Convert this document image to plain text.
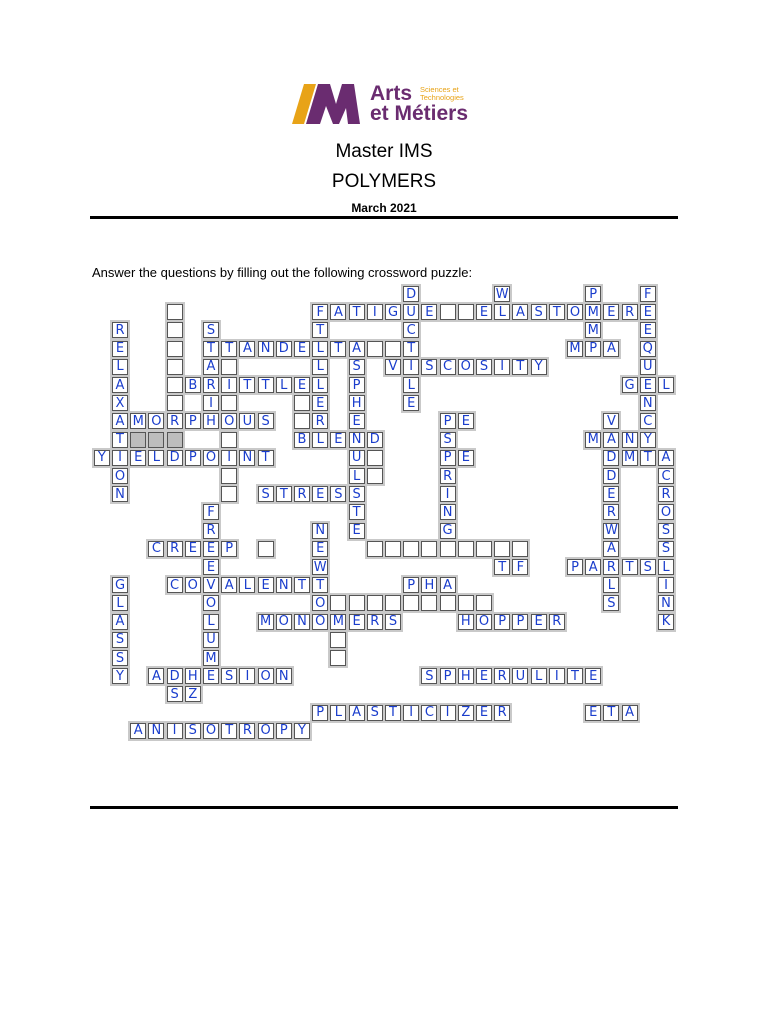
Arts Sciences et Technologies
et Métiers
Master IMS
POLYMERS
March 2021
Answer the questions by filling out the following crossword puzzle:
F A T I G U E	E L A S T O M E R E
T A N D E L T A
V I S C O S I T Y
M P A
B R I T T L E	G E L
A M O R P H O U S	P E
B L E N D	M A N Y
Y I E L D P O I N T	P E	D M T A
S T R E S S
C R E E P
T F	P A R T S
C O V A L E N T	P H A
M O N O M E R S	H O P P E R
A D H E S I O N	S P H E R U L I T E
S Z
P L A S T I C I Z E R	E T A
A N I S O T R O P Y
R
E
L
A
X
T
O
N
S
T
A
I
D
C
T
L
E
T
L
L
E
R
S
P
H
E
U
L
T
E
W	F
E
Q
U
N
C
P
M
G
L
A
S
S
Y
F
R
E
O
L
U
M
N
E
W
T
O
C
R
O
S
S
L
I
N
K
V
D
E
R
W
A
L
S
S
R
I
N
G
